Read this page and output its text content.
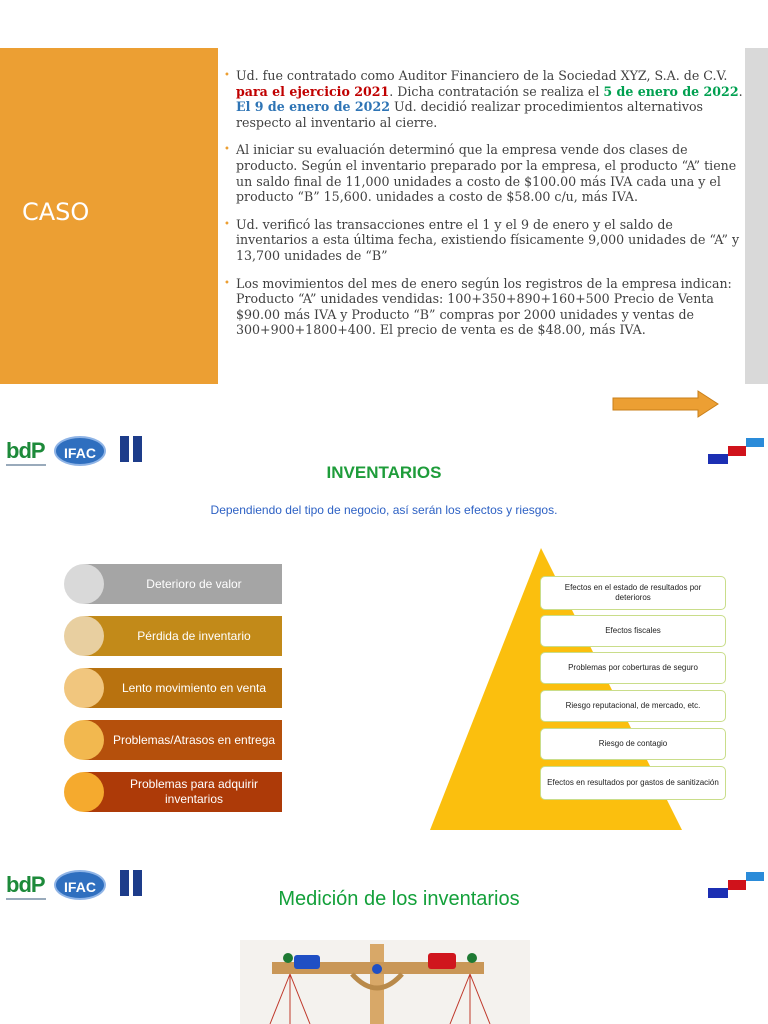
CASO
• Ud. fue contratado como Auditor Financiero de la Sociedad XYZ, S.A. de C.V. para el ejercicio 2021. Dicha contratación se realiza el 5 de enero de 2022. El 9 de enero de 2022 Ud. decidió realizar procedimientos alternativos respecto al inventario al cierre.
• Al iniciar su evaluación determinó que la empresa vende dos clases de producto. Según el inventario preparado por la empresa, el producto “A” tiene un saldo final de 11,000 unidades a costo de $100.00 más IVA cada una y el producto “B” 15,600. unidades a costo de $58.00 c/u, más IVA.
• Ud. verificó las transacciones entre el 1 y el 9 de enero y el saldo de inventarios a esta última fecha, existiendo físicamente 9,000 unidades de “A” y 13,700 unidades de “B”
• Los movimientos del mes de enero según los registros de la empresa indican: Producto “A” unidades vendidas: 100+350+890+160+500 Precio de Venta $90.00 más IVA y Producto “B” compras por 2000 unidades y ventas de 300+900+1800+400. El precio de venta es de $48.00, más IVA.
bdP	IFAC
INVENTARIOS
Dependiendo del tipo de negocio, así serán los efectos y riesgos.
Deterioro de valor
Pérdida de inventario
Lento movimiento en venta
Problemas/Atrasos en entrega
Problemas para adquirir inventarios
Efectos en el estado de resultados por deterioros
Efectos fiscales
Problemas por coberturas de seguro
Riesgo reputacional, de mercado, etc.
Riesgo de contagio
Efectos en resultados por gastos de sanitización
bdP	IFAC
Medición de los inventarios
